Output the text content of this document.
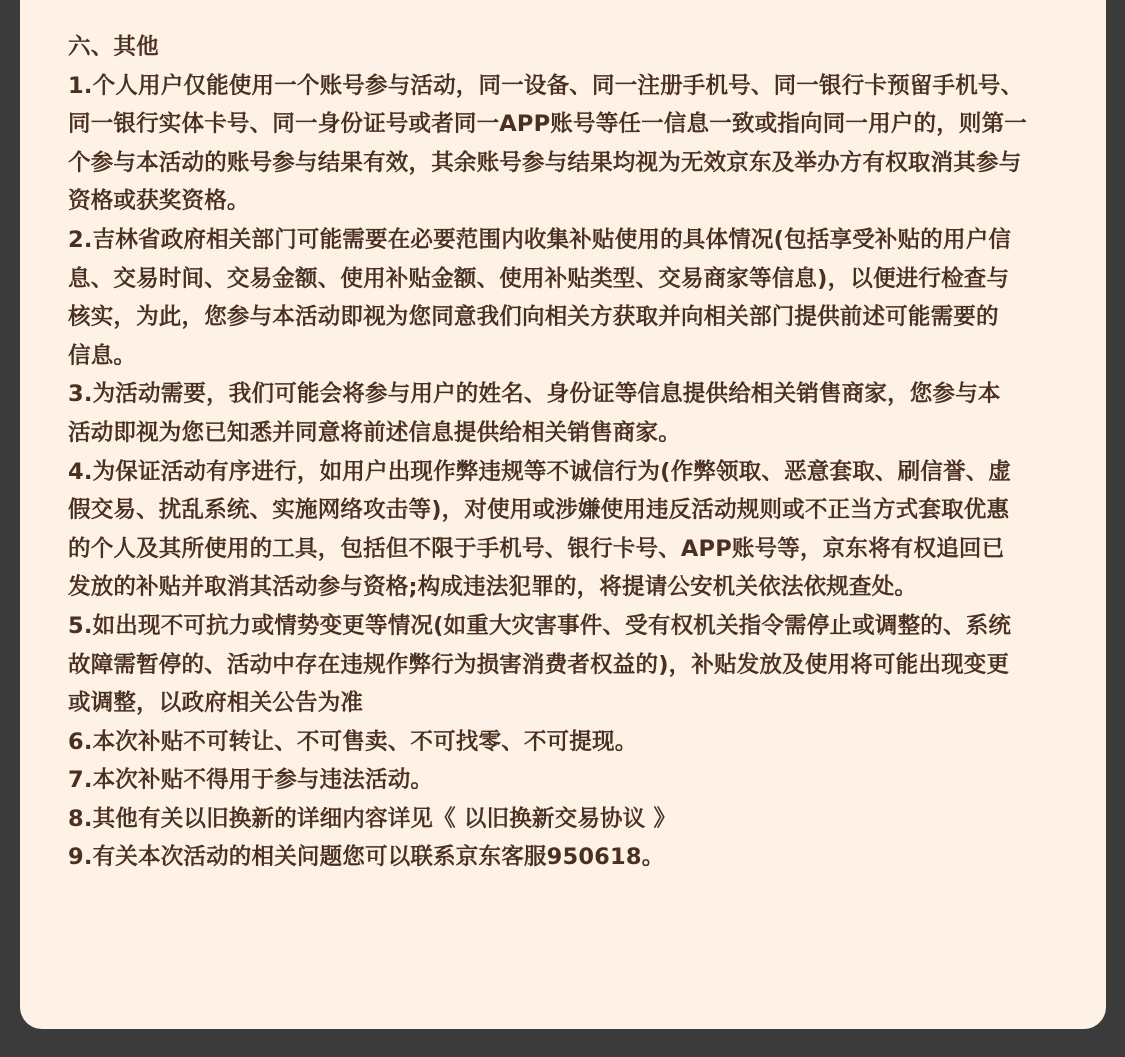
六、其他
1.个人用户仅能使用一个账号参与活动，同一设备、同一注册手机号、同一银行卡预留手机号、
同一银行实体卡号、同一身份证号或者同一APP账号等任一信息一致或指向同一用户的，则第一
个参与本活动的账号参与结果有效，其余账号参与结果均视为无效京东及举办方有权取消其参与
资格或获奖资格。
2.吉林省政府相关部门可能需要在必要范围内收集补贴使用的具体情况(包括享受补贴的用户信
息、交易时间、交易金额、使用补贴金额、使用补贴类型、交易商家等信息)，以便进行检查与
核实，为此，您参与本活动即视为您同意我们向相关方获取并向相关部门提供前述可能需要的
信息。
3.为活动需要，我们可能会将参与用户的姓名、身份证等信息提供给相关销售商家，您参与本
活动即视为您已知悉并同意将前述信息提供给相关销售商家。
4.为保证活动有序进行，如用户出现作弊违规等不诚信行为(作弊领取、恶意套取、刷信誉、虚
假交易、扰乱系统、实施网络攻击等)，对使用或涉嫌使用违反活动规则或不正当方式套取优惠
的个人及其所使用的工具，包括但不限于手机号、银行卡号、APP账号等，京东将有权追回已
发放的补贴并取消其活动参与资格;构成违法犯罪的，将提请公安机关依法依规查处。
5.如出现不可抗力或情势变更等情况(如重大灾害事件、受有权机关指令需停止或调整的、系统
故障需暂停的、活动中存在违规作弊行为损害消费者权益的)，补贴发放及使用将可能出现变更
或调整，以政府相关公告为准
6.本次补贴不可转让、不可售卖、不可找零、不可提现。
7.本次补贴不得用于参与违法活动。
8.其他有关以旧换新的详细内容详见《 以旧换新交易协议 》
9.有关本次活动的相关问题您可以联系京东客服950618。
